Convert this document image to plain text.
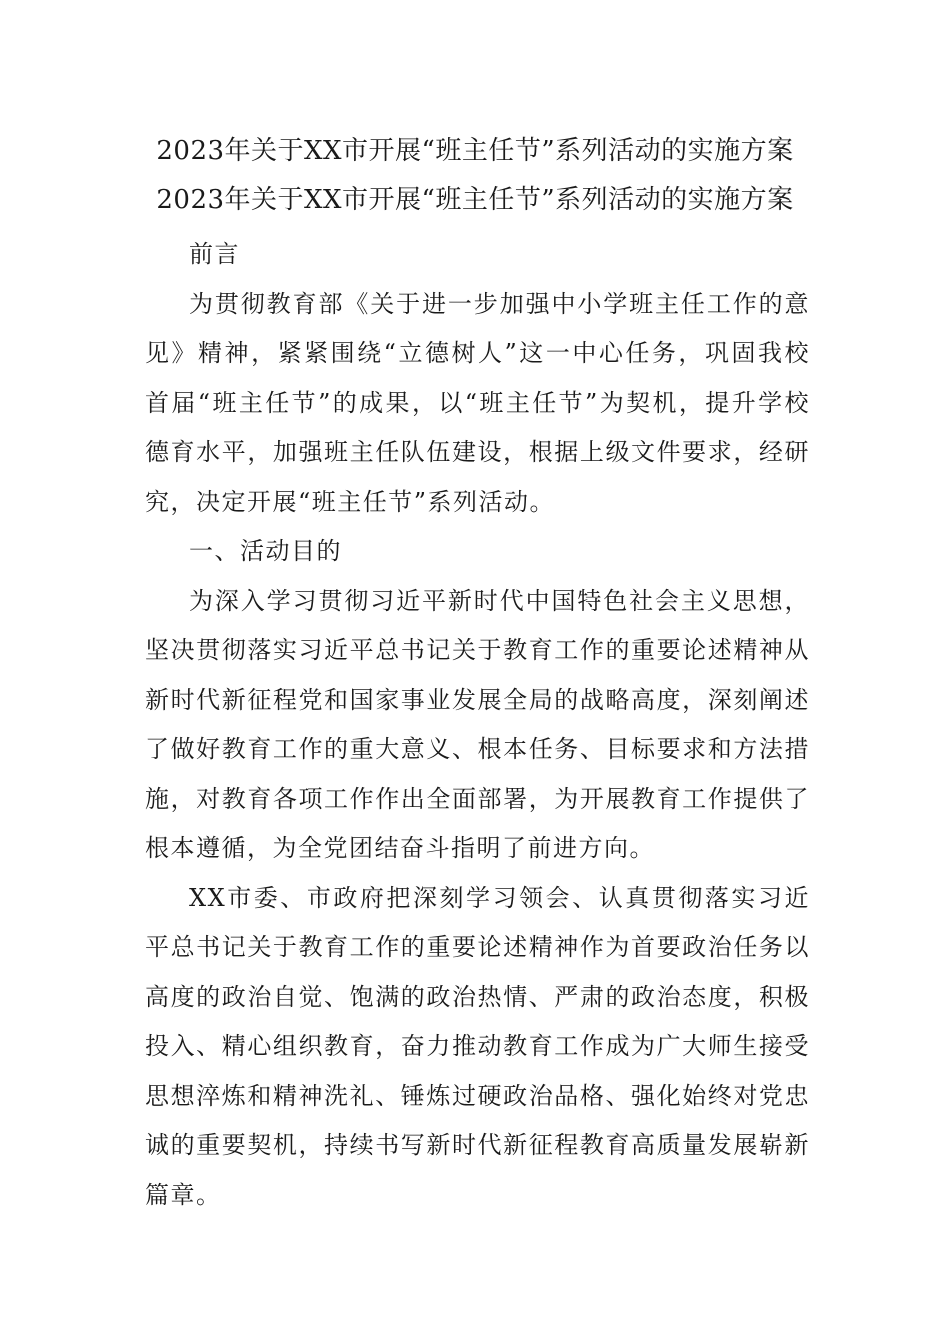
2023年关于XX市开展“班主任节”系列活动的实施方案
2023年关于XX市开展“班主任节”系列活动的实施方案

前言

为贯彻教育部《关于进一步加强中小学班主任工作的意见》精神，紧紧围绕“立德树人”这一中心任务，巩固我校首届“班主任节”的成果，以“班主任节”为契机，提升学校德育水平，加强班主任队伍建设，根据上级文件要求，经研究，决定开展“班主任节”系列活动。

一、活动目的

为深入学习贯彻习近平新时代中国特色社会主义思想，坚决贯彻落实习近平总书记关于教育工作的重要论述精神从新时代新征程党和国家事业发展全局的战略高度，深刻阐述了做好教育工作的重大意义、根本任务、目标要求和方法措施，对教育各项工作作出全面部署，为开展教育工作提供了根本遵循，为全党团结奋斗指明了前进方向。

XX市委、市政府把深刻学习领会、认真贯彻落实习近平总书记关于教育工作的重要论述精神作为首要政治任务以高度的政治自觉、饱满的政治热情、严肃的政治态度，积极投入、精心组织教育，奋力推动教育工作成为广大师生接受思想淬炼和精神洗礼、锤炼过硬政治品格、强化始终对党忠诚的重要契机，持续书写新时代新征程教育高质量发展崭新篇章。
